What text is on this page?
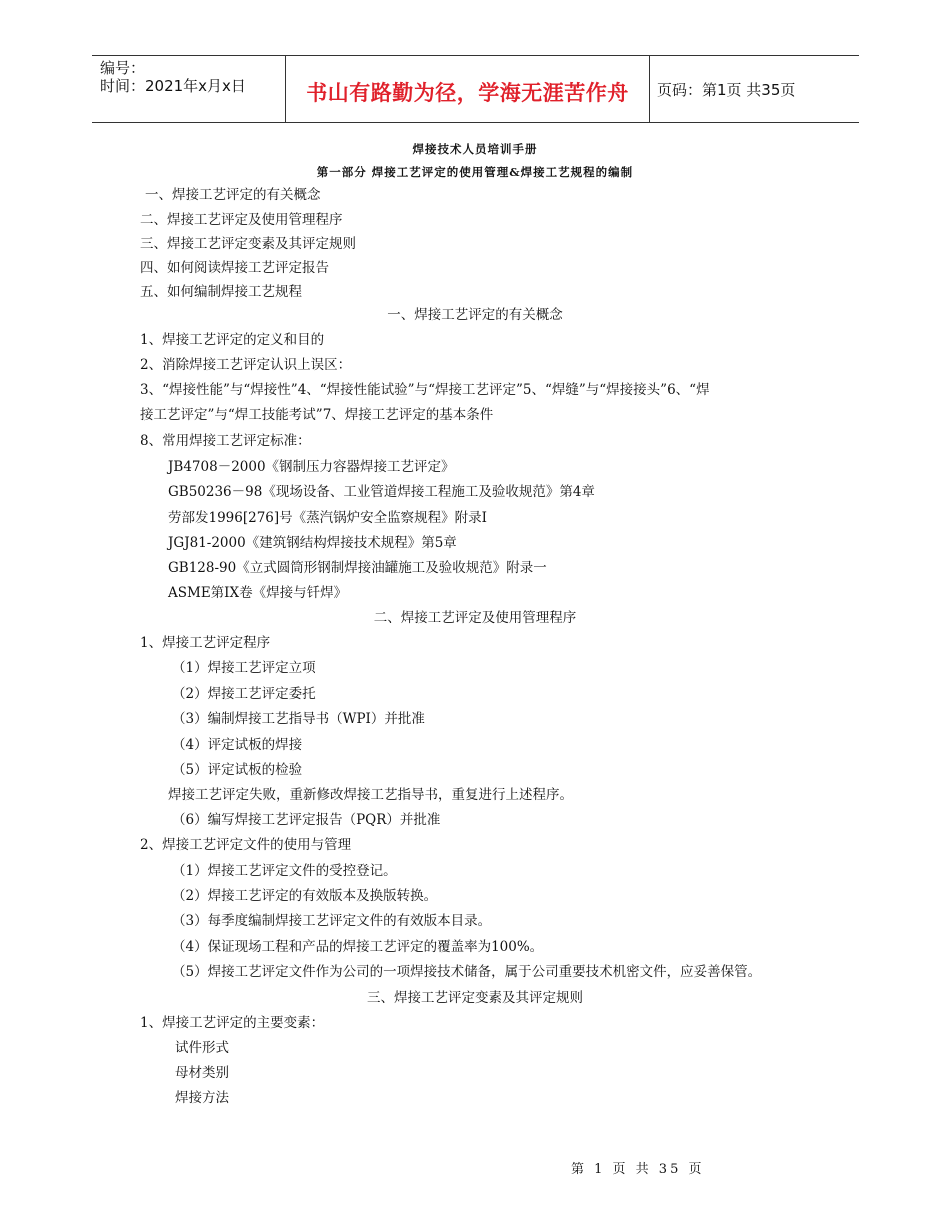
编号：
时间：2021年x月x日	书山有路勤为径，学海无涯苦作舟	页码：第1页 共35页
焊接技术人员培训手册
第一部分 焊接工艺评定的使用管理&焊接工艺规程的编制
一、焊接工艺评定的有关概念
二、焊接工艺评定及使用管理程序
三、焊接工艺评定变素及其评定规则
四、如何阅读焊接工艺评定报告
五、如何编制焊接工艺规程
一、焊接工艺评定的有关概念
1、焊接工艺评定的定义和目的
2、消除焊接工艺评定认识上误区：
3、“焊接性能”与“焊接性”4、“焊接性能试验”与“焊接工艺评定”5、“焊缝”与“焊接接头”6、“焊
接工艺评定”与“焊工技能考试”7、焊接工艺评定的基本条件
8、常用焊接工艺评定标准：
JB4708－2000《钢制压力容器焊接工艺评定》
GB50236－98《现场设备、工业管道焊接工程施工及验收规范》第4章
劳部发1996[276]号《蒸汽锅炉安全监察规程》附录I
JGJ81-2000《建筑钢结构焊接技术规程》第5章
GB128-90《立式圆筒形钢制焊接油罐施工及验收规范》附录一
ASME第IX卷《焊接与钎焊》
二、焊接工艺评定及使用管理程序
1、焊接工艺评定程序
（1）焊接工艺评定立项
（2）焊接工艺评定委托
（3）编制焊接工艺指导书（WPI）并批准
（4）评定试板的焊接
（5）评定试板的检验
焊接工艺评定失败，重新修改焊接工艺指导书，重复进行上述程序。
（6）编写焊接工艺评定报告（PQR）并批准
2、焊接工艺评定文件的使用与管理
（1）焊接工艺评定文件的受控登记。
（2）焊接工艺评定的有效版本及换版转换。
（3）每季度编制焊接工艺评定文件的有效版本目录。
（4）保证现场工程和产品的焊接工艺评定的覆盖率为100%。
（5）焊接工艺评定文件作为公司的一项焊接技术储备，属于公司重要技术机密文件，应妥善保管。
三、焊接工艺评定变素及其评定规则
1、焊接工艺评定的主要变素：
试件形式
母材类别
焊接方法
第 1 页 共 35 页
